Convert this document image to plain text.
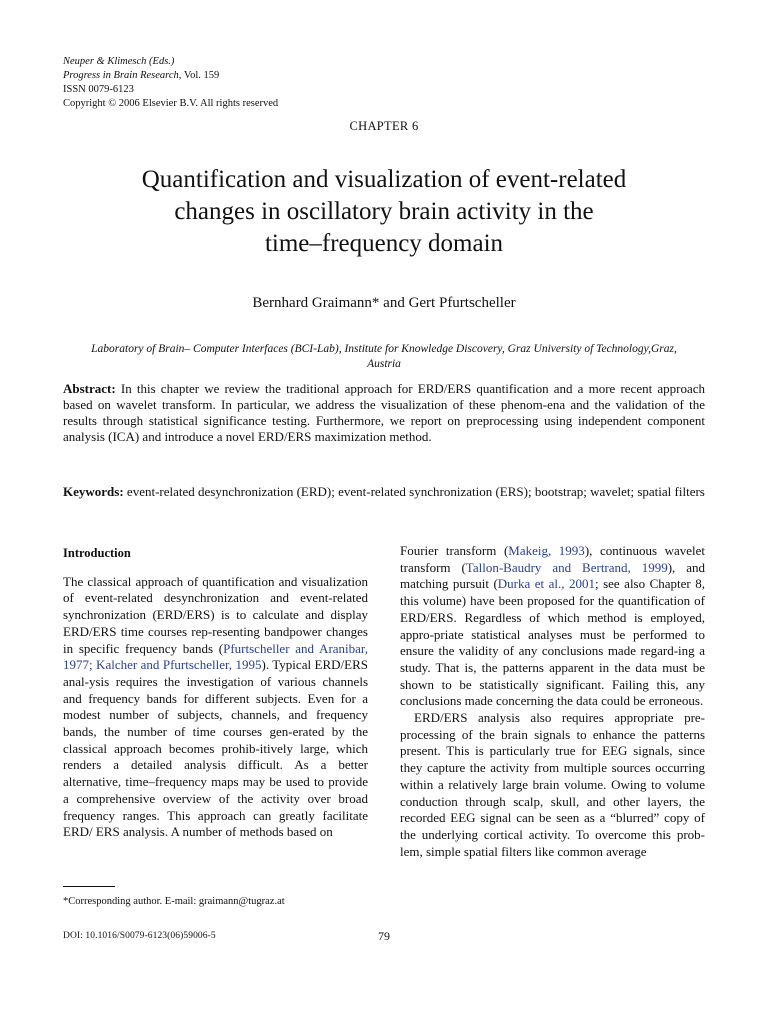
Neuper & Klimesch (Eds.)
Progress in Brain Research, Vol. 159
ISSN 0079-6123
Copyright © 2006 Elsevier B.V. All rights reserved
CHAPTER 6
Quantification and visualization of event-related
changes in oscillatory brain activity in the
time–frequency domain
Bernhard Graimann* and Gert Pfurtscheller
Laboratory of Brain– Computer Interfaces (BCI-Lab), Institute for Knowledge Discovery, Graz University of Technology,Graz, Austria
Abstract: In this chapter we review the traditional approach for ERD/ERS quantification and a more recent approach based on wavelet transform. In particular, we address the visualization of these phenom-ena and the validation of the results through statistical significance testing. Furthermore, we report on preprocessing using independent component analysis (ICA) and introduce a novel ERD/ERS maximization method.
Keywords: event-related desynchronization (ERD); event-related synchronization (ERS); bootstrap; wavelet; spatial filters
Introduction

The classical approach of quantification and visualization of event-related desynchronization and event-related synchronization (ERD/ERS) is to calculate and display ERD/ERS time courses rep-resenting bandpower changes in specific frequency bands (Pfurtscheller and Aranibar, 1977; Kalcher and Pfurtscheller, 1995). Typical ERD/ERS anal-ysis requires the investigation of various channels and frequency bands for different subjects. Even for a modest number of subjects, channels, and frequency bands, the number of time courses gen-erated by the classical approach becomes prohib-itively large, which renders a detailed analysis difficult. As a better alternative, time–frequency maps may be used to provide a comprehensive overview of the activity over broad frequency ranges. This approach can greatly facilitate ERD/ ERS analysis. A number of methods based on

Fourier transform (Makeig, 1993), continuous wavelet transform (Tallon-Baudry and Bertrand, 1999), and matching pursuit (Durka et al., 2001; see also Chapter 8, this volume) have been proposed for the quantification of ERD/ERS. Regardless of which method is employed, appro-priate statistical analyses must be performed to ensure the validity of any conclusions made regard-ing a study. That is, the patterns apparent in the data must be shown to be statistically significant. Failing this, any conclusions made concerning the data could be erroneous.

ERD/ERS analysis also requires appropriate pre-processing of the brain signals to enhance the patterns present. This is particularly true for EEG signals, since they capture the activity from multiple sources occurring within a relatively large brain volume. Owing to volume conduction through scalp, skull, and other layers, the recorded EEG signal can be seen as a “blurred” copy of the underlying cortical activity. To overcome this prob-lem, simple spatial filters like common average

*Corresponding author. E-mail: graimann@tugraz.at
DOI: 10.1016/S0079-6123(06)59006-5	79
